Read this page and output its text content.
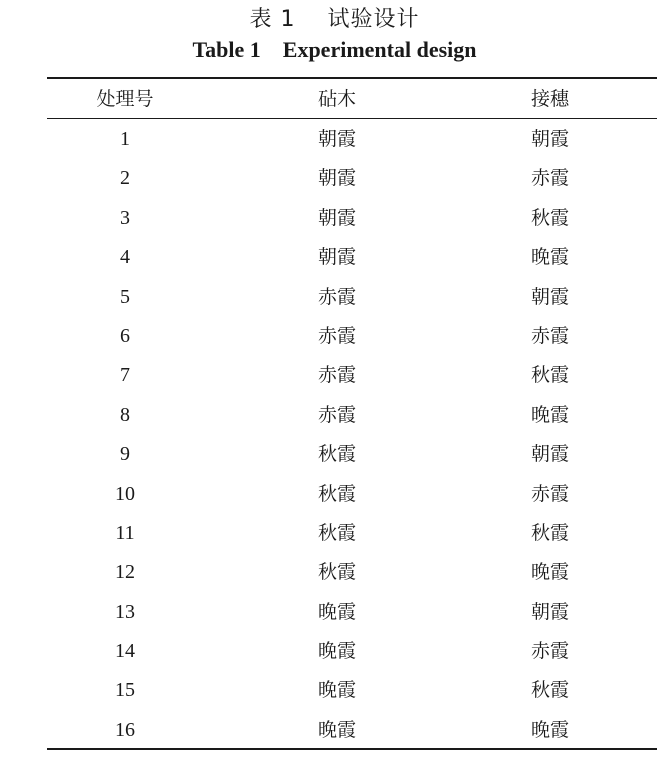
表 1    试验设计
Table 1    Experimental design
处理号	砧木	接穗
1	朝霞	朝霞
2	朝霞	赤霞
3	朝霞	秋霞
4	朝霞	晚霞
5	赤霞	朝霞
6	赤霞	赤霞
7	赤霞	秋霞
8	赤霞	晚霞
9	秋霞	朝霞
10	秋霞	赤霞
11	秋霞	秋霞
12	秋霞	晚霞
13	晚霞	朝霞
14	晚霞	赤霞
15	晚霞	秋霞
16	晚霞	晚霞
